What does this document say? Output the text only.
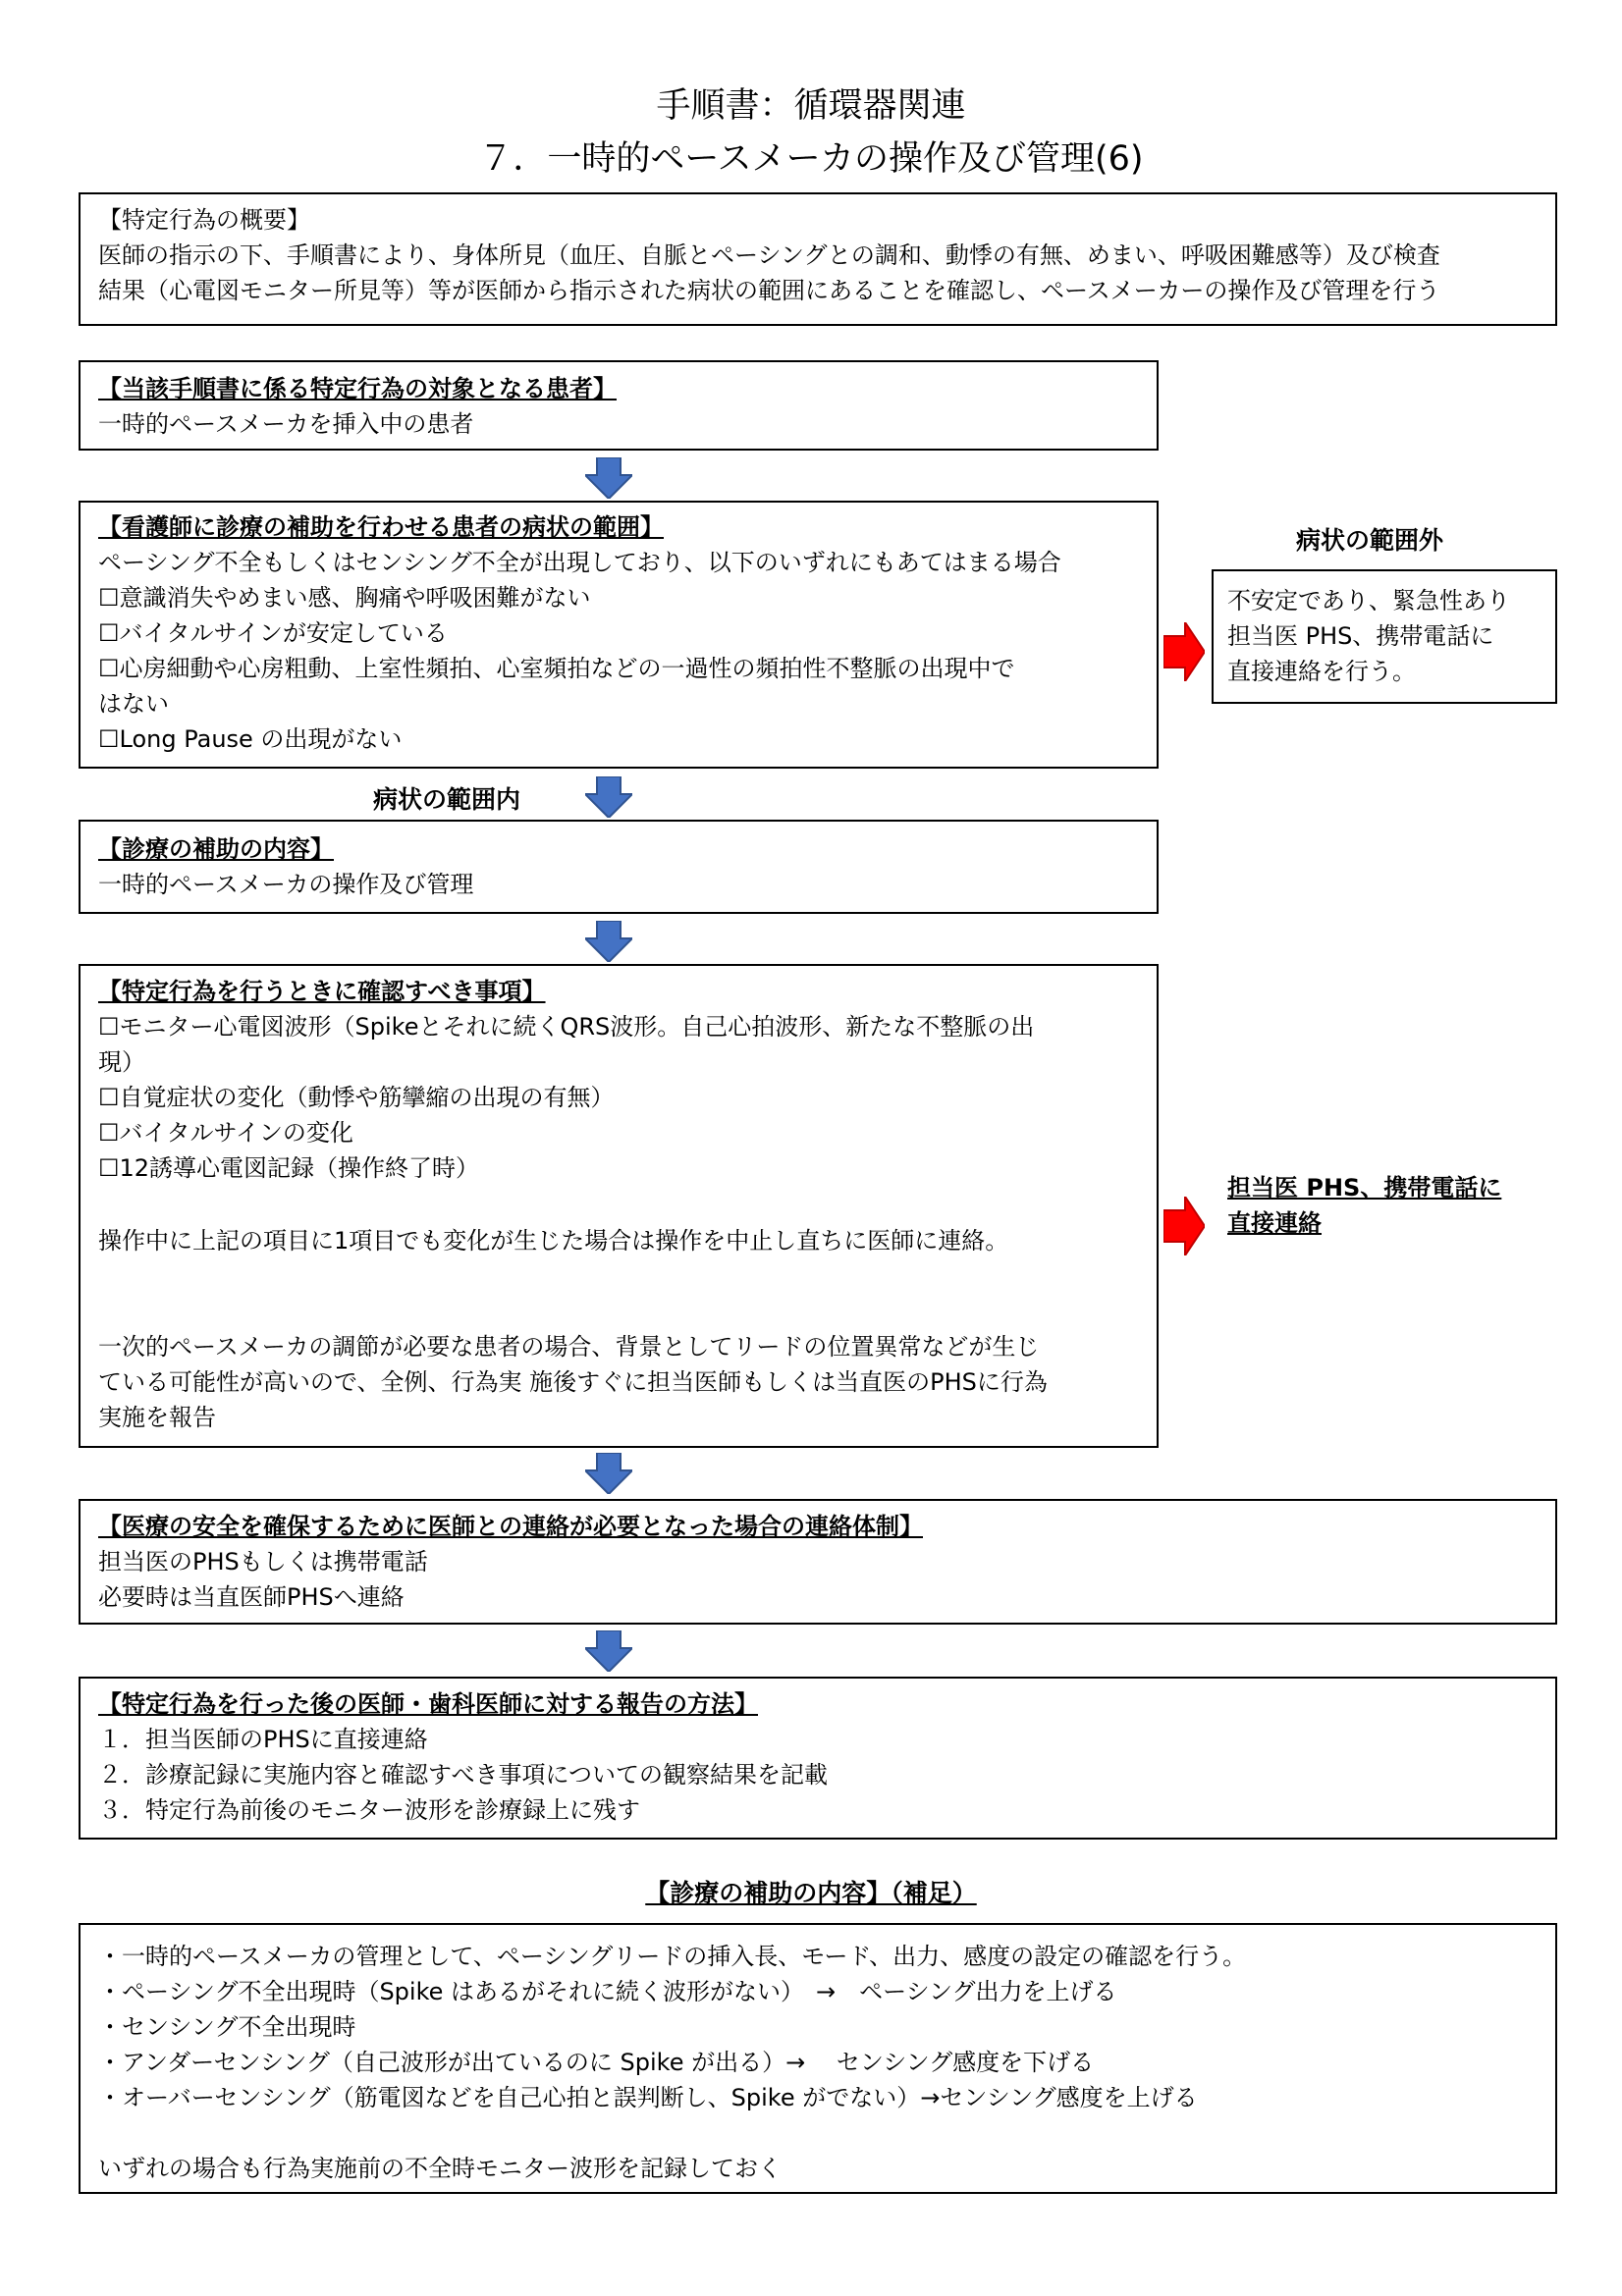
手順書：循環器関連
７．一時的ペースメーカの操作及び管理(6)
【特定行為の概要】
医師の指示の下、手順書により、身体所見（血圧、自脈とペーシングとの調和、動悸の有無、めまい、呼吸困難感等）及び検査
結果（心電図モニター所見等）等が医師から指示された病状の範囲にあることを確認し、ペースメーカーの操作及び管理を行う
【当該手順書に係る特定行為の対象となる患者】
一時的ペースメーカを挿入中の患者
【看護師に診療の補助を行わせる患者の病状の範囲】
ペーシング不全もしくはセンシング不全が出現しており、以下のいずれにもあてはまる場合
☐意識消失やめまい感、胸痛や呼吸困難がない
☐バイタルサインが安定している
☐心房細動や心房粗動、上室性頻拍、心室頻拍などの一過性の頻拍性不整脈の出現中で
はない
☐Long Pause の出現がない
病状の範囲外
不安定であり、緊急性あり
担当医 PHS、携帯電話に
直接連絡を行う。
病状の範囲内
【診療の補助の内容】
一時的ペースメーカの操作及び管理
【特定行為を行うときに確認すべき事項】
☐モニター心電図波形（Spikeとそれに続くQRS波形。自己心拍波形、新たな不整脈の出
現）
☐自覚症状の変化（動悸や筋攣縮の出現の有無）
☐バイタルサインの変化
☐12誘導心電図記録（操作終了時）
操作中に上記の項目に1項目でも変化が生じた場合は操作を中止し直ちに医師に連絡。
一次的ペースメーカの調節が必要な患者の場合、背景としてリードの位置異常などが生じ
ている可能性が高いので、全例、行為実 施後すぐに担当医師もしくは当直医のPHSに行為
実施を報告
担当医 PHS、携帯電話に
直接連絡
【医療の安全を確保するために医師との連絡が必要となった場合の連絡体制】
担当医のPHSもしくは携帯電話
必要時は当直医師PHSへ連絡
【特定行為を行った後の医師・歯科医師に対する報告の方法】
１．担当医師のPHSに直接連絡
２．診療記録に実施内容と確認すべき事項についての観察結果を記載
３．特定行為前後のモニター波形を診療録上に残す
【診療の補助の内容】（補足）
・一時的ペースメーカの管理として、ペーシングリードの挿入長、モード、出力、感度の設定の確認を行う。
・ペーシング不全出現時（Spike はあるがそれに続く波形がない）　→　ペーシング出力を上げる
・センシング不全出現時
・アンダーセンシング（自己波形が出ているのに Spike が出る）→　 センシング感度を下げる
・オーバーセンシング（筋電図などを自己心拍と誤判断し、Spike がでない）→センシング感度を上げる
いずれの場合も行為実施前の不全時モニター波形を記録しておく
